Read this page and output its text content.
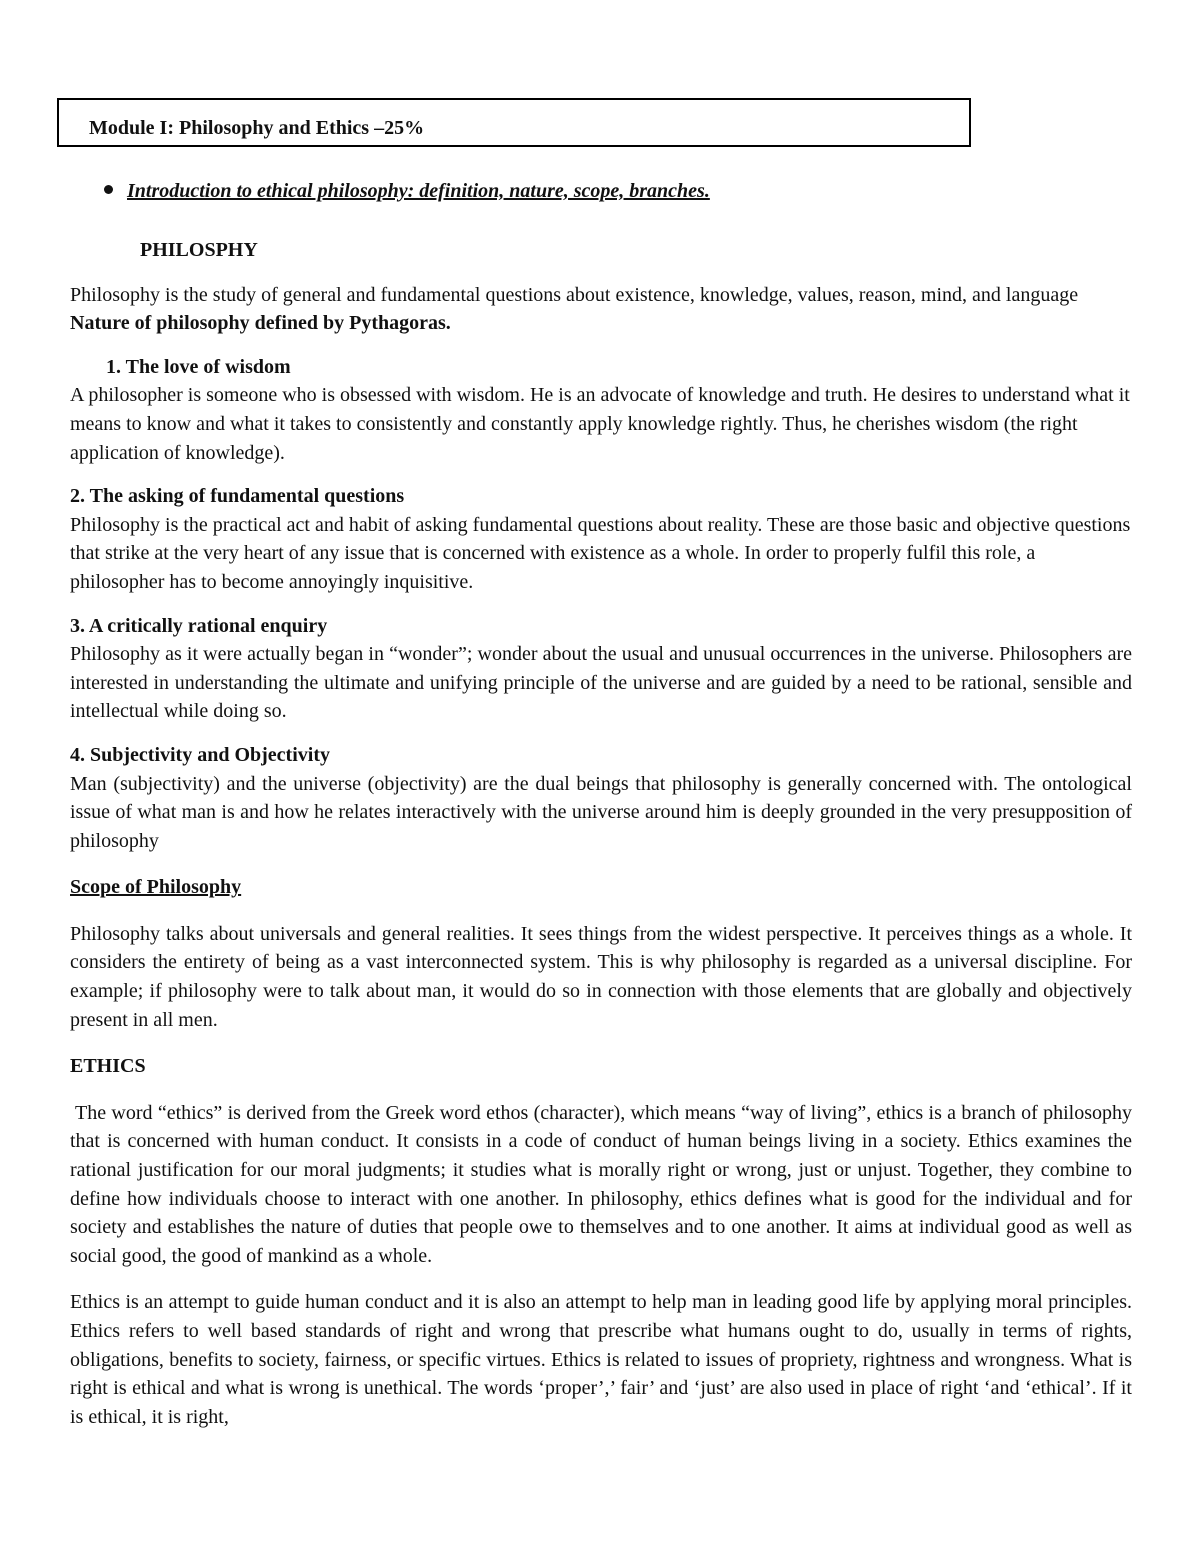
Module I: Philosophy and Ethics –25%
Introduction to ethical philosophy: definition, nature, scope, branches.

PHILOSPHY

Philosophy is the study of general and fundamental questions about existence, knowledge, values, reason, mind, and language Nature of philosophy defined by Pythagoras.

1. The love of wisdom

A philosopher is someone who is obsessed with wisdom. He is an advocate of knowledge and truth. He desires to understand what it means to know and what it takes to consistently and constantly apply knowledge rightly. Thus, he cherishes wisdom (the right application of knowledge).

2. The asking of fundamental questions

Philosophy is the practical act and habit of asking fundamental questions about reality. These are those basic and objective questions that strike at the very heart of any issue that is concerned with existence as a whole. In order to properly fulfil this role, a philosopher has to become annoyingly inquisitive.

3. A critically rational enquiry

Philosophy as it were actually began in “wonder”; wonder about the usual and unusual occurrences in the universe. Philosophers are interested in understanding the ultimate and unifying principle of the universe and are guided by a need to be rational, sensible and intellectual while doing so.

4. Subjectivity and Objectivity

Man (subjectivity) and the universe (objectivity) are the dual beings that philosophy is generally concerned with. The ontological issue of what man is and how he relates interactively with the universe around him is deeply grounded in the very presupposition of philosophy

Scope of Philosophy

Philosophy talks about universals and general realities. It sees things from the widest perspective. It perceives things as a whole. It considers the entirety of being as a vast interconnected system. This is why philosophy is regarded as a universal discipline. For example; if philosophy were to talk about man, it would do so in connection with those elements that are globally and objectively present in all men.

ETHICS

The word “ethics” is derived from the Greek word ethos (character), which means “way of living”, ethics is a branch of philosophy that is concerned with human conduct. It consists in a code of conduct of human beings living in a society. Ethics examines the rational justification for our moral judgments; it studies what is morally right or wrong, just or unjust. Together, they combine to define how individuals choose to interact with one another. In philosophy, ethics defines what is good for the individual and for society and establishes the nature of duties that people owe to themselves and to one another. It aims at individual good as well as social good, the good of mankind as a whole.

Ethics is an attempt to guide human conduct and it is also an attempt to help man in leading good life by applying moral principles. Ethics refers to well based standards of right and wrong that prescribe what humans ought to do, usually in terms of rights, obligations, benefits to society, fairness, or specific virtues. Ethics is related to issues of propriety, rightness and wrongness. What is right is ethical and what is wrong is unethical. The words ‘proper’,’ fair’ and ‘just’ are also used in place of right ‘and ‘ethical’. If it is ethical, it is right,
